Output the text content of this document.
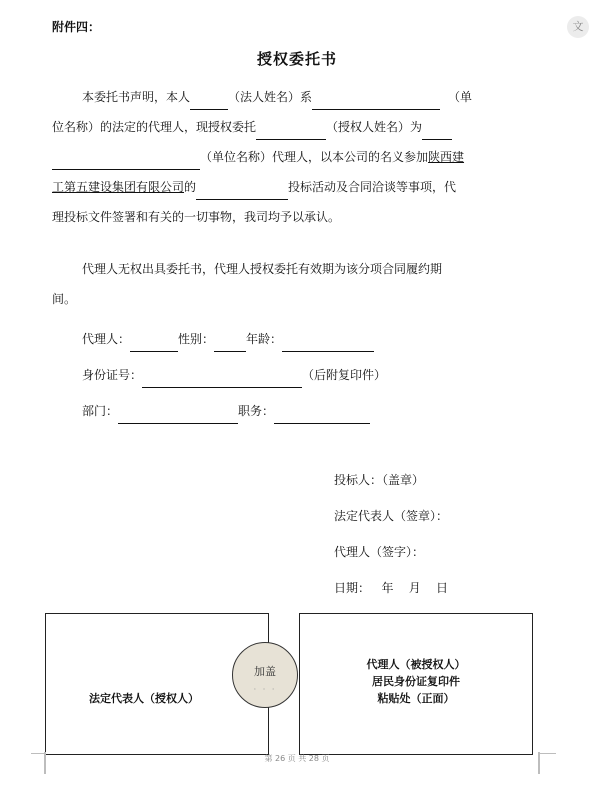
文
附件四：
授权委托书
本委托书声明，本人	（法人姓名）系	（单
位名称）的法定的代理人，现授权委托	（授权人姓名）为
（单位名称）代理人，以本公司的名义参加陕西建
工第五建设集团有限公司的	投标活动及合同洽谈等事项，代
理投标文件签署和有关的一切事物，我司均予以承认。
代理人无权出具委托书，代理人授权委托有效期为该分项合同履约期
间。
代理人：	性别：	年龄：
身份证号：	（后附复印件）
部门：	职务：
投标人：（盖章）
法定代表人（签章）：
代理人（签字）：
日期：   年    月    日
法定代表人（授权人）
代理人（被授权人）
居民身份证复印件
粘贴处（正面）
加盖
· · ·
第 26 页 共 28 页
